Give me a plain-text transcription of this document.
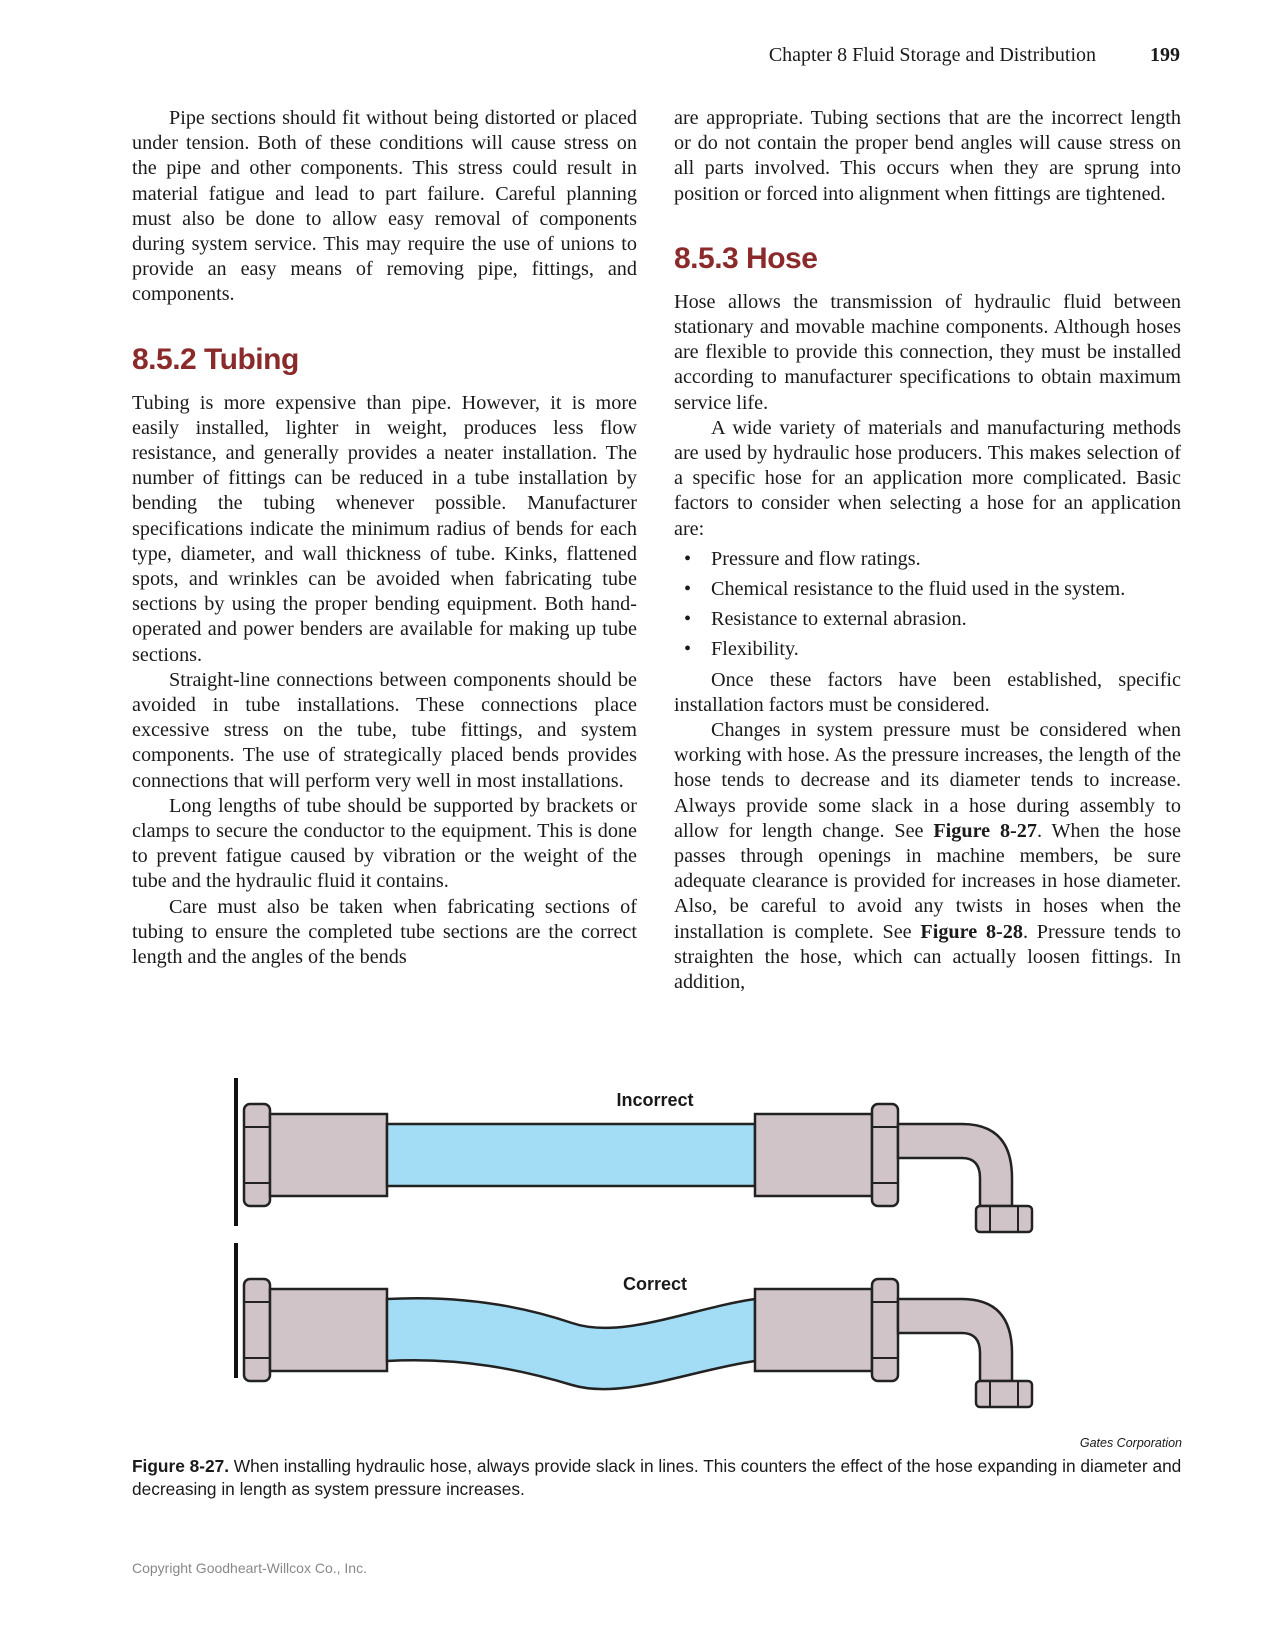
Chapter 8 Fluid Storage and Distribution	199

Pipe sections should fit without being distorted or placed under tension. Both of these conditions will cause stress on the pipe and other components. This stress could result in material fatigue and lead to part failure. Careful planning must also be done to allow easy removal of components during system service. This may require the use of unions to provide an easy means of removing pipe, fittings, and components.

8.5.2 Tubing

Tubing is more expensive than pipe. However, it is more easily installed, lighter in weight, produces less flow resistance, and generally provides a neater installation. The number of fittings can be reduced in a tube installation by bending the tubing whenever possible. Manufacturer specifications indicate the minimum radius of bends for each type, diameter, and wall thickness of tube. Kinks, flattened spots, and wrinkles can be avoided when fabricating tube sections by using the proper bending equipment. Both hand-operated and power benders are available for making up tube sections.

Straight-line connections between components should be avoided in tube installations. These connections place excessive stress on the tube, tube fittings, and system components. The use of strategically placed bends provides connections that will perform very well in most installations.

Long lengths of tube should be supported by brackets or clamps to secure the conductor to the equipment. This is done to prevent fatigue caused by vibration or the weight of the tube and the hydraulic fluid it contains.

Care must also be taken when fabricating sections of tubing to ensure the completed tube sections are the correct length and the angles of the bends

are appropriate. Tubing sections that are the incorrect length or do not contain the proper bend angles will cause stress on all parts involved. This occurs when they are sprung into position or forced into alignment when fittings are tightened.

8.5.3 Hose

Hose allows the transmission of hydraulic fluid between stationary and movable machine components. Although hoses are flexible to provide this connection, they must be installed according to manufacturer specifications to obtain maximum service life.

A wide variety of materials and manufacturing methods are used by hydraulic hose producers. This makes selection of a specific hose for an application more complicated. Basic factors to consider when selecting a hose for an application are:

• Pressure and flow ratings.
• Chemical resistance to the fluid used in the system.
• Resistance to external abrasion.
• Flexibility.

Once these factors have been established, specific installation factors must be considered.

Changes in system pressure must be considered when working with hose. As the pressure increases, the length of the hose tends to decrease and its diameter tends to increase. Always provide some slack in a hose during assembly to allow for length change. See Figure 8-27. When the hose passes through openings in machine members, be sure adequate clearance is provided for increases in hose diameter. Also, be careful to avoid any twists in hoses when the installation is complete. See Figure 8-28. Pressure tends to straighten the hose, which can actually loosen fittings. In addition,

Incorrect
Correct
Gates Corporation
Figure 8-27. When installing hydraulic hose, always provide slack in lines. This counters the effect of the hose expanding in diameter and decreasing in length as system pressure increases.
Copyright Goodheart-Willcox Co., Inc.
